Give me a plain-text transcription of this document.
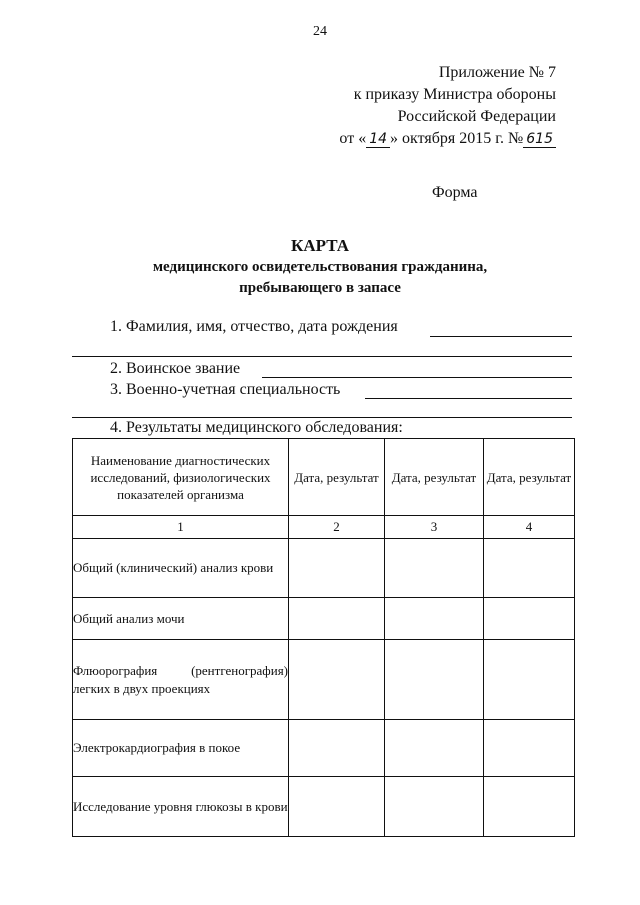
24
Приложение № 7
к приказу Министра обороны
Российской Федерации
от « 14 » октября 2015 г. № 615
Форма
КАРТА
медицинского освидетельствования гражданина,
пребывающего в запасе
1. Фамилия, имя, отчество, дата рождения
2. Воинское звание
3. Военно-учетная специальность
4. Результаты медицинского обследования:
Наименование диагностических исследований, физиологических показателей организма	Дата, результат	Дата, результат	Дата, результат
1	2	3	4
Общий (клинический) анализ крови			
Общий анализ мочи			
Флюорография (рентгенография) легких в двух проекциях			
Электрокардиография в покое			
Исследование уровня глюкозы в крови			
